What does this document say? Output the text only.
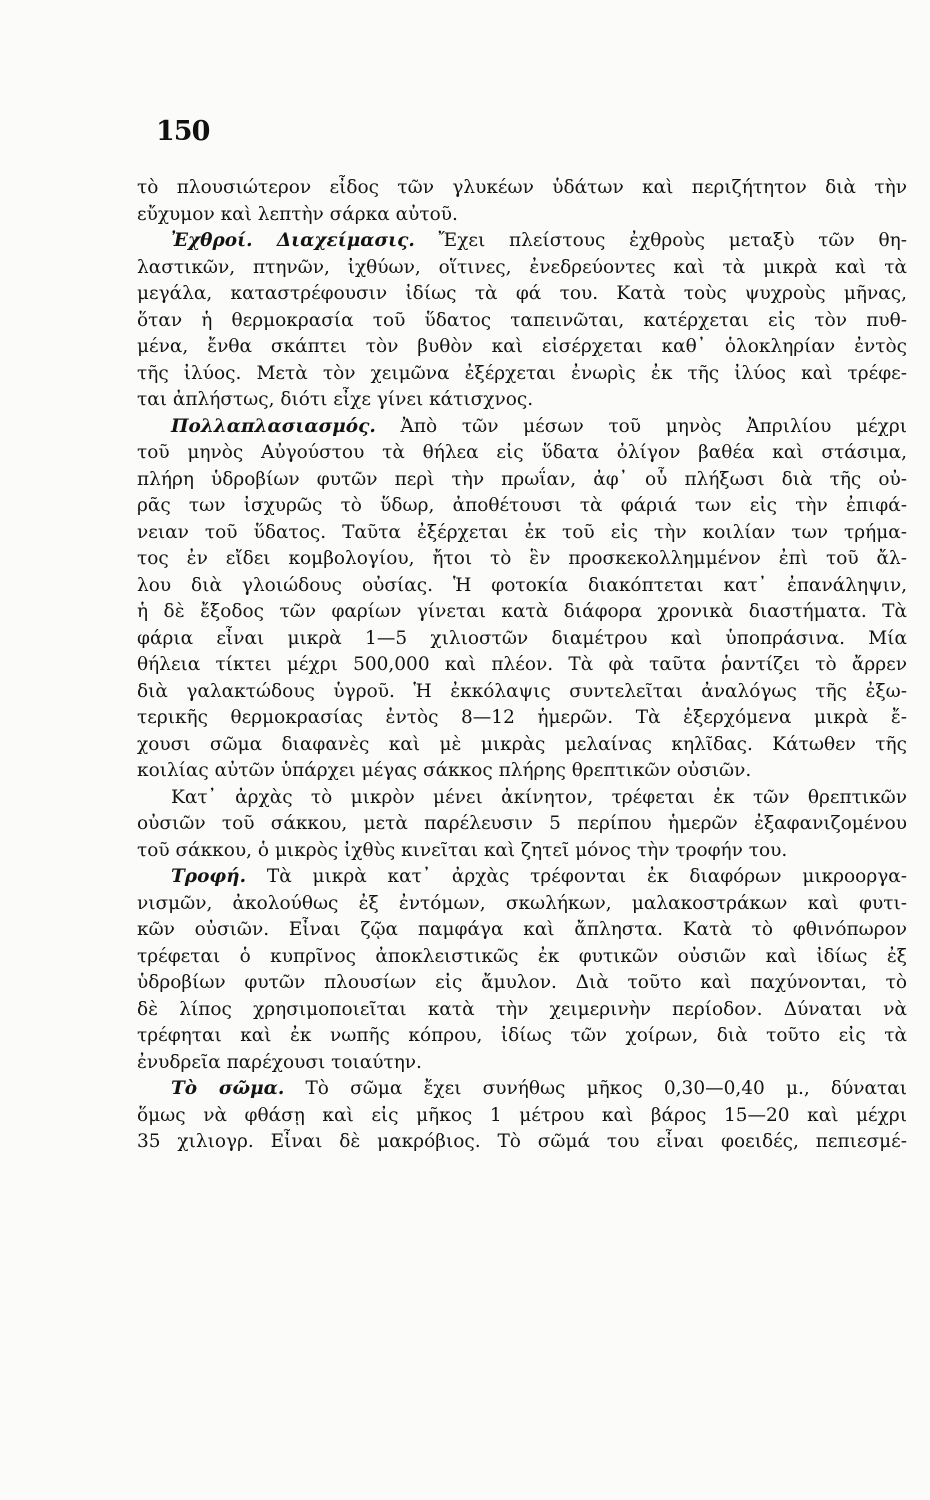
150
τὸ πλουσιώτερον εἶδος τῶν γλυκέων ὑδάτων καὶ περιζήτητον διὰ τὴν
εὔχυμον καὶ λεπτὴν σάρκα αὐτοῦ.
Ἐχθροί. Διαχείμασις. Ἔχει πλείστους ἐχθροὺς μεταξὺ τῶν θη-
λαστικῶν, πτηνῶν, ἰχθύων, οἵτινες, ἐνεδρεύοντες καὶ τὰ μικρὰ καὶ τὰ
μεγάλα, καταστρέφουσιν ἰδίως τὰ φά του. Κατὰ τοὺς ψυχροὺς μῆνας,
ὅταν ἡ θερμοκρασία τοῦ ὕδατος ταπεινῶται, κατέρχεται εἰς τὸν πυθ-
μένα, ἔνθα σκάπτει τὸν βυθὸν καὶ εἰσέρχεται καθ᾽ ὁλοκληρίαν ἐντὸς
τῆς ἰλύος. Μετὰ τὸν χειμῶνα ἐξέρχεται ἐνωρὶς ἐκ τῆς ἰλύος καὶ τρέφε-
ται ἀπλήστως, διότι εἶχε γίνει κάτισχνος.
Πολλαπλασιασμός. Ἀπὸ τῶν μέσων τοῦ μηνὸς Ἀπριλίου μέχρι
τοῦ μηνὸς Αὐγούστου τὰ θήλεα εἰς ὕδατα ὀλίγον βαθέα καὶ στάσιμα,
πλήρη ὑδροβίων φυτῶν περὶ τὴν πρωΐαν, ἀφ᾽ οὗ πλήξωσι διὰ τῆς οὐ-
ρᾶς των ἰσχυρῶς τὸ ὕδωρ, ἀποθέτουσι τὰ φάριά των εἰς τὴν ἐπιφά-
νειαν τοῦ ὕδατος. Ταῦτα ἐξέρχεται ἐκ τοῦ εἰς τὴν κοιλίαν των τρήμα-
τος ἐν εἴδει κομβολογίου, ἤτοι τὸ ἓν προσκεκολλημμένον ἐπὶ τοῦ ἄλ-
λου διὰ γλοιώδους οὐσίας. Ἡ φοτοκία διακόπτεται κατ᾽ ἐπανάληψιν,
ἡ δὲ ἔξοδος τῶν φαρίων γίνεται κατὰ διάφορα χρονικὰ διαστήματα. Τὰ
φάρια εἶναι μικρὰ 1—5 χιλιοστῶν διαμέτρου καὶ ὑποπράσινα. Μία
θήλεια τίκτει μέχρι 500,000 καὶ πλέον. Τὰ φὰ ταῦτα ῥαντίζει τὸ ἄρρεν
διὰ γαλακτώδους ὑγροῦ. Ἡ ἐκκόλαψις συντελεῖται ἀναλόγως τῆς ἐξω-
τερικῆς θερμοκρασίας ἐντὸς 8—12 ἡμερῶν. Τὰ ἐξερχόμενα μικρὰ ἔ-
χουσι σῶμα διαφανὲς καὶ μὲ μικρὰς μελαίνας κηλῖδας. Κάτωθεν τῆς
κοιλίας αὐτῶν ὑπάρχει μέγας σάκκος πλήρης θρεπτικῶν οὐσιῶν.
Κατ᾽ ἀρχὰς τὸ μικρὸν μένει ἀκίνητον, τρέφεται ἐκ τῶν θρεπτικῶν
οὐσιῶν τοῦ σάκκου, μετὰ παρέλευσιν 5 περίπου ἡμερῶν ἐξαφανιζομένου
τοῦ σάκκου, ὁ μικρὸς ἰχθὺς κινεῖται καὶ ζητεῖ μόνος τὴν τροφήν του.
Τροφή. Τὰ μικρὰ κατ᾽ ἀρχὰς τρέφονται ἐκ διαφόρων μικροοργα-
νισμῶν, ἀκολούθως ἐξ ἐντόμων, σκωλήκων, μαλακοστράκων καὶ φυτι-
κῶν οὐσιῶν. Εἶναι ζῷα παμφάγα καὶ ἄπληστα. Κατὰ τὸ φθινόπωρον
τρέφεται ὁ κυπρῖνος ἀποκλειστικῶς ἐκ φυτικῶν οὐσιῶν καὶ ἰδίως ἐξ
ὑδροβίων φυτῶν πλουσίων εἰς ἄμυλον. Διὰ τοῦτο καὶ παχύνονται, τὸ
δὲ λίπος χρησιμοποιεῖται κατὰ τὴν χειμερινὴν περίοδον. Δύναται νὰ
τρέφηται καὶ ἐκ νωπῆς κόπρου, ἰδίως τῶν χοίρων, διὰ τοῦτο εἰς τὰ
ἐνυδρεῖα παρέχουσι τοιαύτην.
Τὸ σῶμα. Τὸ σῶμα ἔχει συνήθως μῆκος 0,30—0,40 μ., δύναται
ὅμως νὰ φθάσῃ καὶ εἰς μῆκος 1 μέτρου καὶ βάρος 15—20 καὶ μέχρι
35 χιλιογρ. Εἶναι δὲ μακρόβιος. Τὸ σῶμά του εἶναι φοειδές, πεπιεσμέ-
